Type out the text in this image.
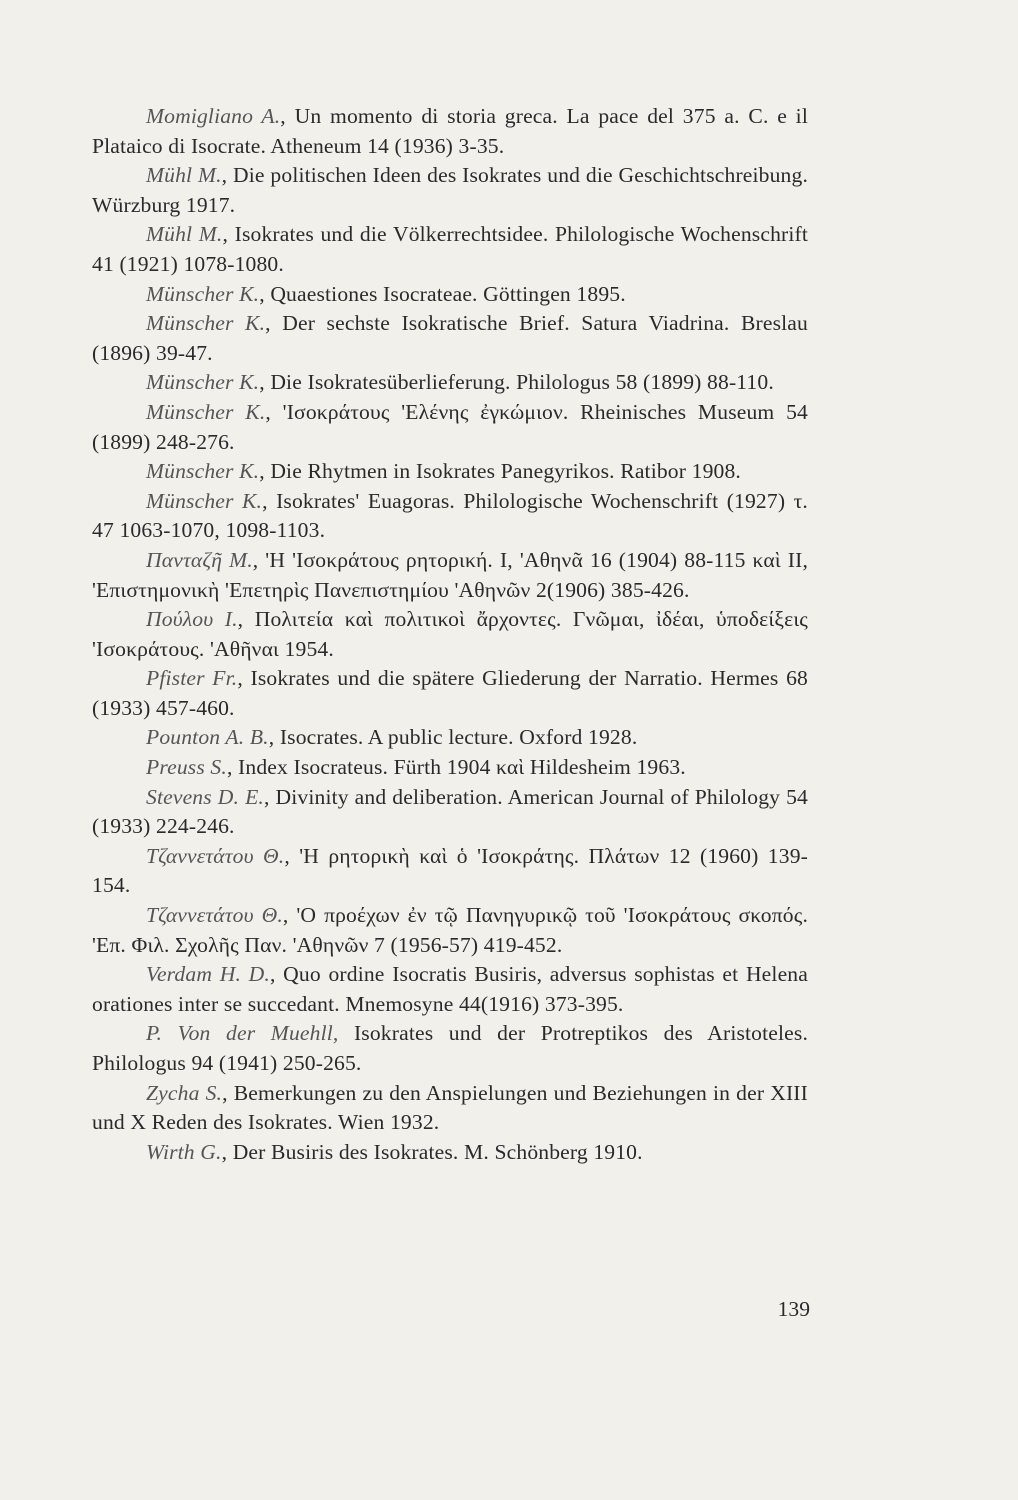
Momigliano A., Un momento di storia greca. La pace del 375 a. C. e il Plataico di Isocrate. Atheneum 14 (1936) 3-35.

Mühl M., Die politischen Ideen des Isokrates und die Geschichtschreibung. Würzburg 1917.

Mühl M., Isokrates und die Völkerrechtsidee. Philologische Wochenschrift 41 (1921) 1078-1080.

Münscher K., Quaestiones Isocrateae. Göttingen 1895.

Münscher K., Der sechste Isokratische Brief. Satura Viadrina. Breslau (1896) 39-47.

Münscher K., Die Isokratesüberlieferung. Philologus 58 (1899) 88-110.

Münscher K., 'Ισοκράτους 'Ελένης ἐγκώμιον. Rheinisches Museum 54 (1899) 248-276.

Münscher K., Die Rhytmen in Isokrates Panegyrikos. Ratibor 1908.

Münscher K., Isokrates' Euagoras. Philologische Wochenschrift (1927) τ. 47 1063-1070, 1098-1103.

Πανταζῆ Μ., 'Η 'Ισοκράτους ρητορική. I, 'Αθηνᾶ 16 (1904) 88-115 καὶ II, 'Επιστημονικὴ 'Επετηρὶς Πανεπιστημίου 'Αθηνῶν 2(1906) 385-426.

Πούλου Ι., Πολιτεία καὶ πολιτικοὶ ἄρχοντες. Γνῶμαι, ἰδέαι, ὑποδείξεις 'Ισοκράτους. 'Αθῆναι 1954.

Pfister Fr., Isokrates und die spätere Gliederung der Narratio. Hermes 68 (1933) 457-460.

Pounton A. B., Isocrates. A public lecture. Oxford 1928.

Preuss S., Index Isocrateus. Fürth 1904 καὶ Hildesheim 1963.

Stevens D. E., Divinity and deliberation. American Journal of Philology 54 (1933) 224-246.

Τζαννετάτου Θ., 'Η ρητορικὴ καὶ ὁ 'Ισοκράτης. Πλάτων 12 (1960) 139-154.

Τζαννετάτου Θ., 'Ο προέχων ἐν τῷ Πανηγυρικῷ τοῦ 'Ισοκράτους σκοπός. 'Επ. Φιλ. Σχολῆς Παν. 'Αθηνῶν 7 (1956-57) 419-452.

Verdam H. D., Quo ordine Isocratis Busiris, adversus sophistas et Helena orationes inter se succedant. Mnemosyne 44(1916) 373-395.

P. Von der Muehll, Isokrates und der Protreptikos des Aristoteles. Philologus 94 (1941) 250-265.

Zycha S., Bemerkungen zu den Anspielungen und Beziehungen in der XIII und X Reden des Isokrates. Wien 1932.

Wirth G., Der Busiris des Isokrates. M. Schönberg 1910.

139
